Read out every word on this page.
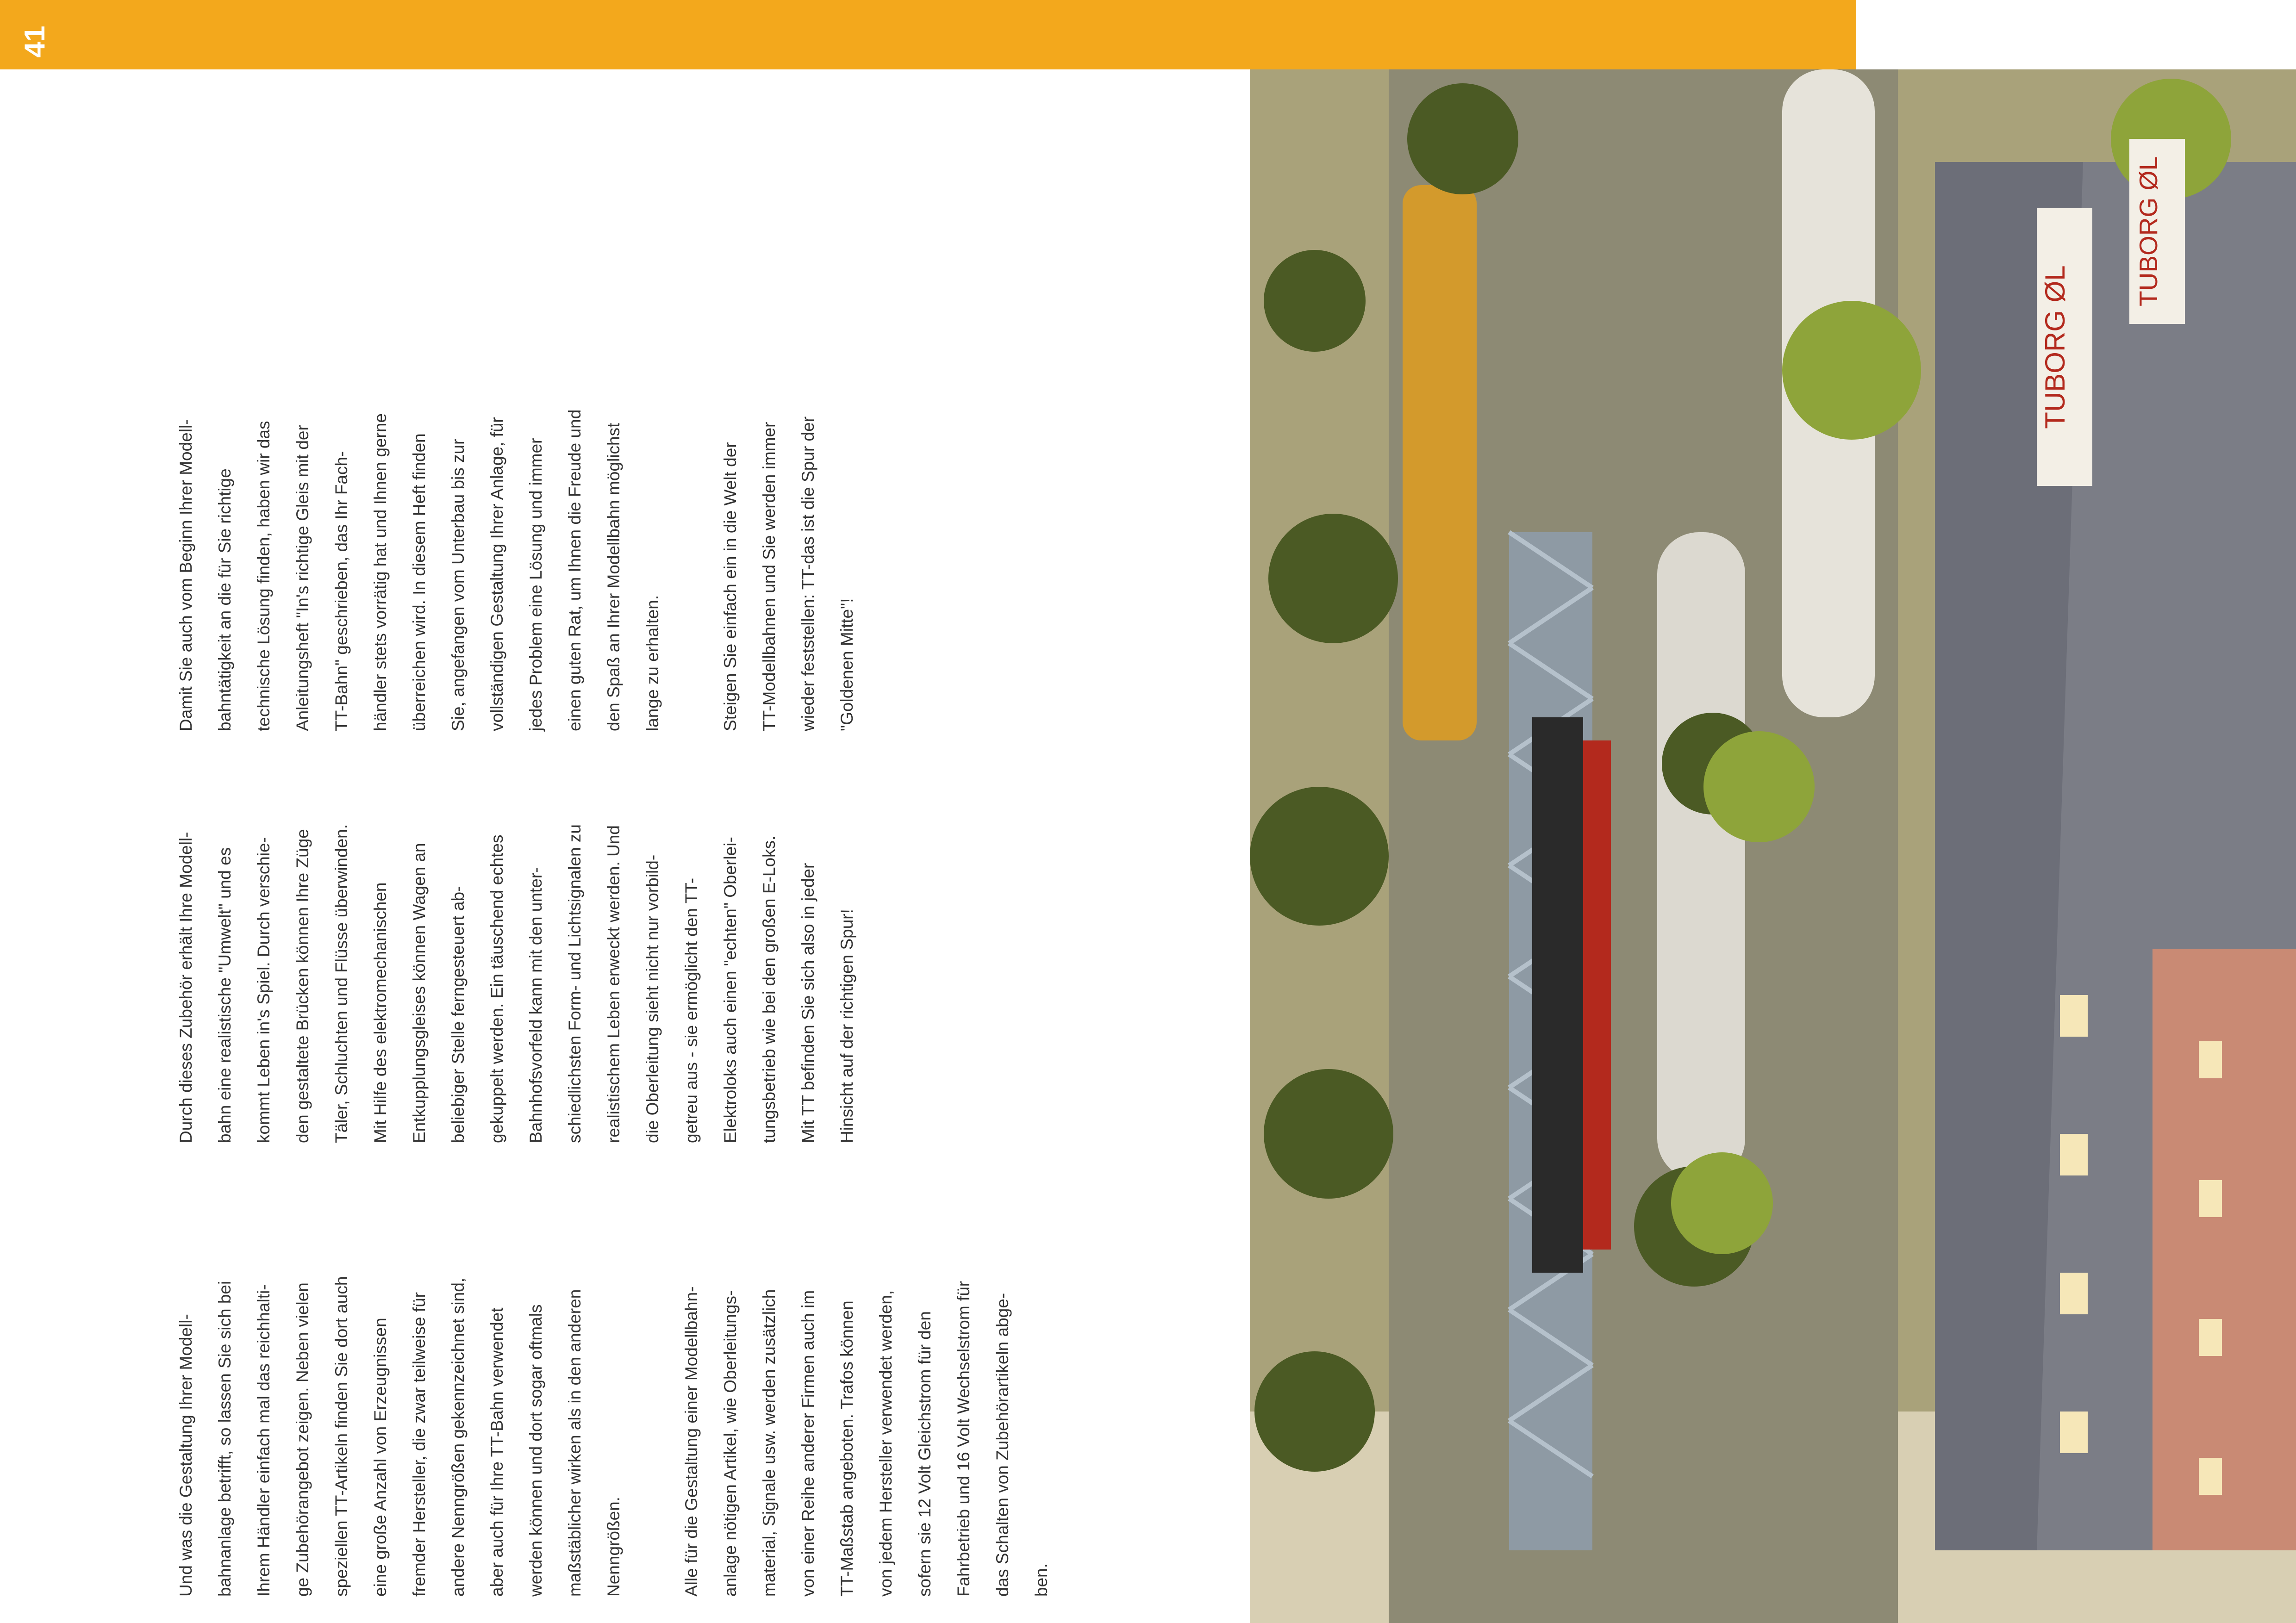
41

Und was die Gestaltung Ihrer Modell-	bahnanlage betrifft, so lassen Sie sich bei	Ihrem Händler einfach mal das reichhalti-	ge Zubehörangebot zeigen. Neben vielen	speziellen TT-Artikeln finden Sie dort auch	eine große Anzahl von Erzeugnissen	fremder Hersteller, die zwar teilweise für	andere Nenngrößen gekennzeichnet sind,	aber auch für Ihre TT-Bahn verwendet	werden können und dort sogar oftmals	maßstäblicher wirken als in den anderen	Nenngrößen.	Alle für die Gestaltung einer Modellbahn-	anlage nötigen Artikel, wie Oberleitungs-	material, Signale usw. werden zusätzlich	von einer Reihe anderer Firmen auch im	TT-Maßstab angeboten. Trafos können	von jedem Hersteller verwendet werden,	sofern sie 12 Volt Gleichstrom für den	Fahrbetrieb und 16 Volt Wechselstrom für	das Schalten von Zubehörartikeln abge-	ben.

Durch dieses Zubehör erhält Ihre Modell-	bahn eine realistische "Umwelt" und es	kommt Leben in's Spiel. Durch verschie-	den gestaltete Brücken können Ihre Züge	Täler, Schluchten und Flüsse überwinden.	Mit Hilfe des elektromechanischen	Entkupplungsgleises können Wagen an	beliebiger Stelle ferngesteuert ab-	gekuppelt werden. Ein täuschend echtes	Bahnhofsvorfeld kann mit den unter-	schiedlichsten Form- und Lichtsignalen zu	realistischem Leben erweckt werden. Und	die Oberleitung sieht nicht nur vorbild-	getreu aus - sie ermöglicht den TT-	Elektroloks auch einen "echten" Oberlei-	tungsbetrieb wie bei den großen E-Loks.	Mit TT befinden Sie sich also in jeder	Hinsicht auf der richtigen Spur!

Damit Sie auch vom Beginn Ihrer Modell-	bahntätigkeit an die für Sie richtige	technische Lösung finden, haben wir das	Anleitungsheft "In's richtige Gleis mit der	TT-Bahn" geschrieben, das Ihr Fach-	händler stets vorrätig hat und Ihnen gerne	überreichen wird. In diesem Heft finden	Sie, angefangen vom Unterbau bis zur	vollständigen Gestaltung Ihrer Anlage, für	jedes Problem eine Lösung und immer	einen guten Rat, um Ihnen die Freude und	den Spaß an Ihrer Modellbahn möglichst	lange zu erhalten.	Steigen Sie einfach ein in die Welt der	TT-Modellbahnen und Sie werden immer	wieder feststellen: TT-das ist die Spur der	"Goldenen Mitte"!

TUBORG ØL
TUBORG ØL
